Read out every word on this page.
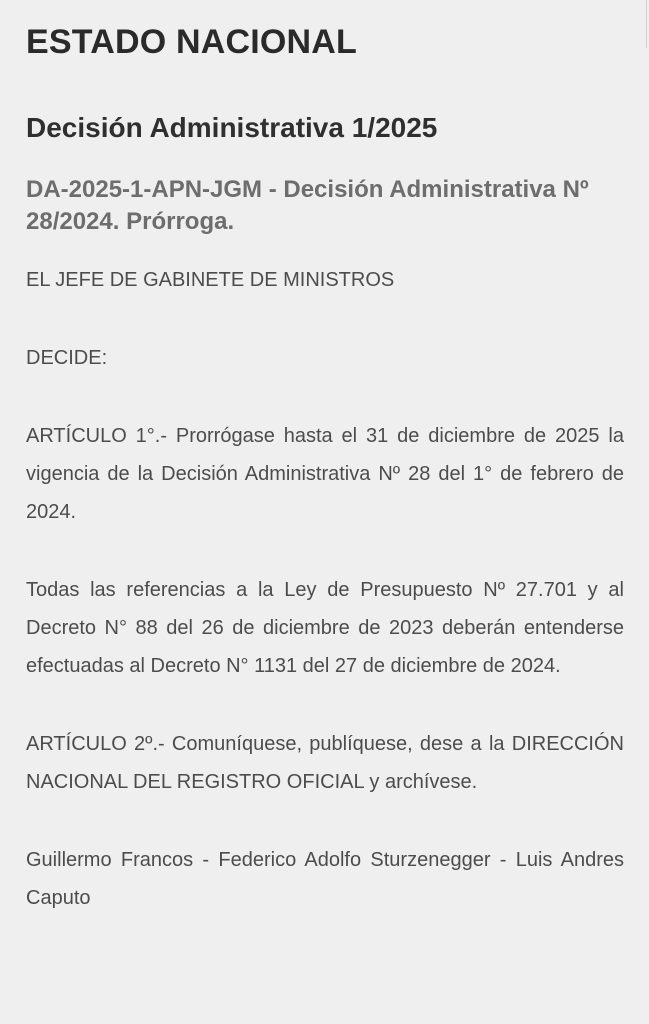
ESTADO NACIONAL
Decisión Administrativa 1/2025
DA-2025-1-APN-JGM - Decisión Administrativa Nº 28/2024. Prórroga.

EL JEFE DE GABINETE DE MINISTROS

DECIDE:

ARTÍCULO 1°.- Prorrógase hasta el 31 de diciembre de 2025 la vigencia de la Decisión Administrativa Nº 28 del 1° de febrero de 2024.

Todas las referencias a la Ley de Presupuesto Nº 27.701 y al Decreto N° 88 del 26 de diciembre de 2023 deberán entenderse efectuadas al Decreto N° 1131 del 27 de diciembre de 2024.

ARTÍCULO 2º.- Comuníquese, publíquese, dese a la DIRECCIÓN NACIONAL DEL REGISTRO OFICIAL y archívese.

Guillermo Francos - Federico Adolfo Sturzenegger - Luis Andres Caputo
